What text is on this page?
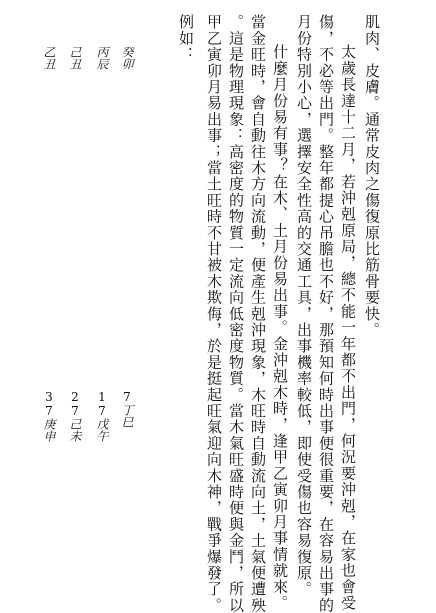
肌肉、皮膚。通常皮肉之傷復原比筋骨要快。
太歲長達十二月，若沖剋原局，總不能一年都不出門，何況要沖剋，在家也會受
傷，不必等出門。整年都提心吊膽也不好，那預知何時出事便很重要，在容易出事的
月份特別小心，選擇安全性高的交通工具，出事機率較低，即使受傷也容易復原。
什麼月份易有事？在木、土月份易出事。金沖剋木時，逢甲乙寅卯月事情就來。
當金旺時，會自動往木方向流動，便產生剋沖現象，木旺時自動流向土，土氣便遭殃
。這是物理現象：高密度的物質一定流向低密度物質。當木氣旺盛時便與金鬥，所以
甲乙寅卯月易出事；當土旺時不甘被木欺侮，於是挺起旺氣迎向木神，戰爭爆發了。
例如：
癸卯
丙辰
己丑
乙丑
7丁巳
17戊午
27己未
37庚申
